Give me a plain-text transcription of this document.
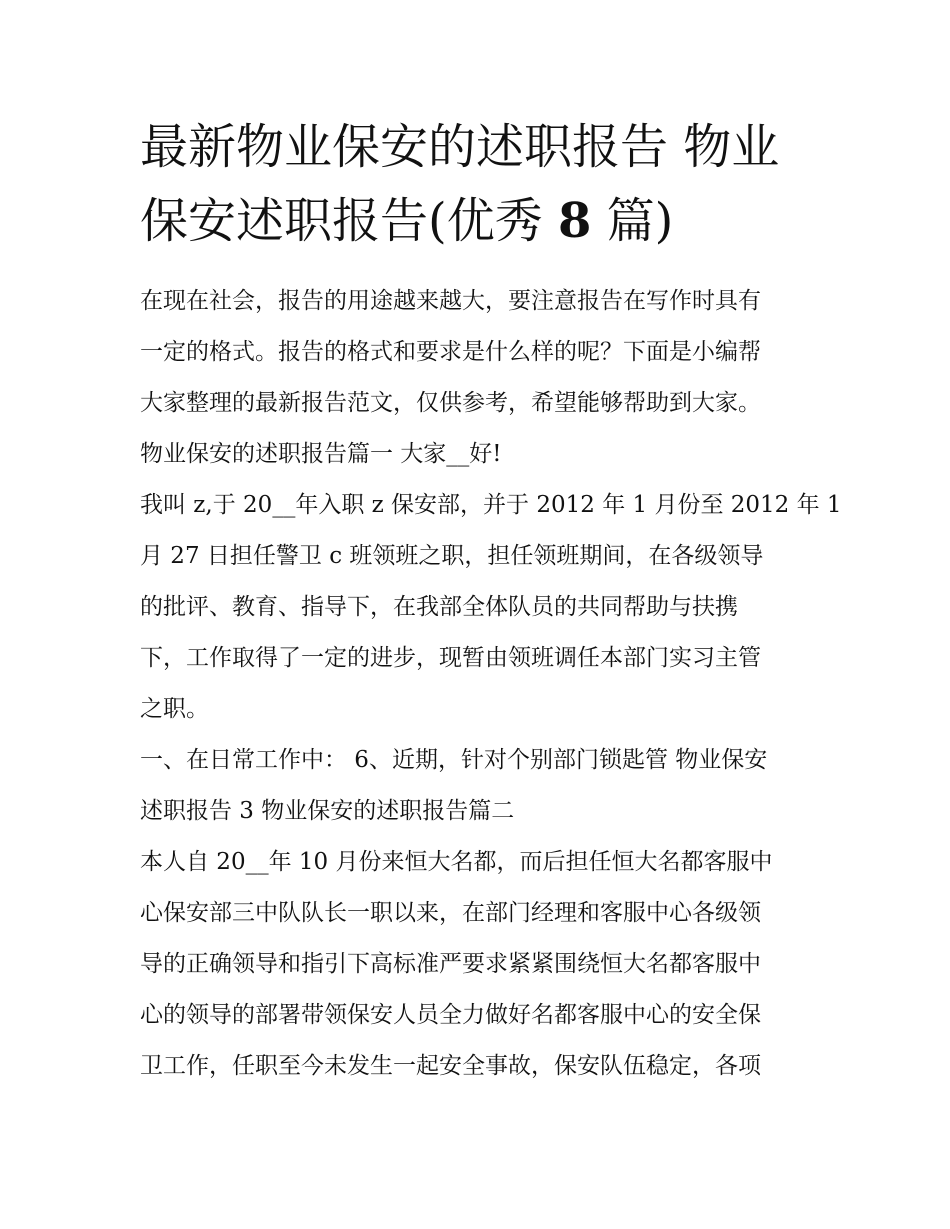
最新物业保安的述职报告 物业
保安述职报告(优秀 8 篇)
在现在社会，报告的用途越来越大，要注意报告在写作时具有
一定的格式。报告的格式和要求是什么样的呢？下面是小编帮
大家整理的最新报告范文，仅供参考，希望能够帮助到大家。
物业保安的述职报告篇一 大家__好!
我叫 z,于 20__年入职 z 保安部，并于 2012 年 1 月份至 2012 年 1
月 27 日担任警卫 c 班领班之职，担任领班期间，在各级领导
的批评、教育、指导下，在我部全体队员的共同帮助与扶携
下，工作取得了一定的进步，现暂由领班调任本部门实习主管
之职。
一、在日常工作中： 6、近期，针对个别部门锁匙管 物业保安
述职报告 3 物业保安的述职报告篇二
本人自 20__年 10 月份来恒大名都，而后担任恒大名都客服中
心保安部三中队队长一职以来，在部门经理和客服中心各级领
导的正确领导和指引下高标准严要求紧紧围绕恒大名都客服中
心的领导的部署带领保安人员全力做好名都客服中心的安全保
卫工作，任职至今未发生一起安全事故，保安队伍稳定，各项
